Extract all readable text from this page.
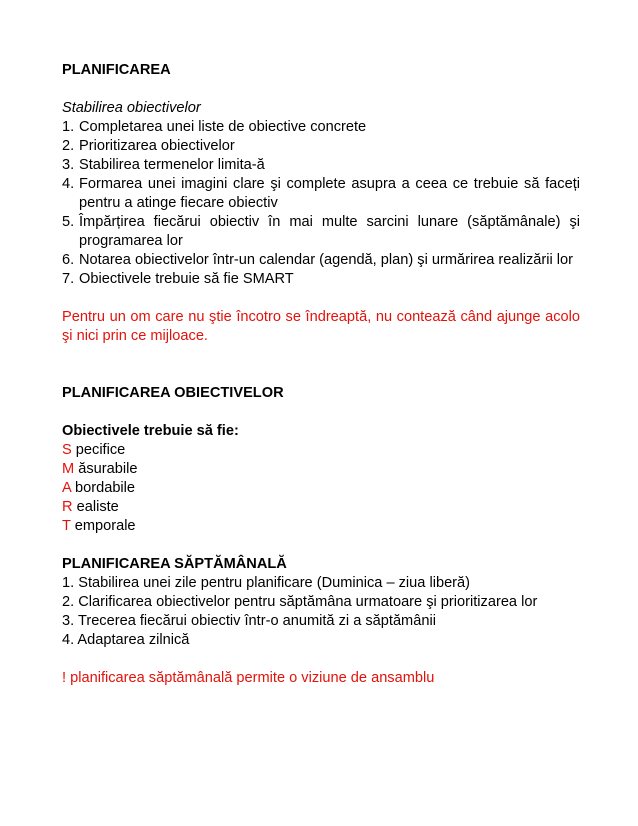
PLANIFICAREA
Stabilirea obiectivelor
1. Completarea unei liste de obiective concrete
2. Prioritizarea obiectivelor
3. Stabilirea termenelor limita-ă
4. Formarea unei imagini clare şi complete asupra a ceea ce trebuie să faceți pentru a atinge fiecare obiectiv
5. Împărțirea fiecărui obiectiv în mai multe sarcini lunare (săptămânale) şi programarea lor
6. Notarea obiectivelor într-un calendar (agendă, plan) şi urmărirea realizării lor
7. Obiectivele trebuie să fie SMART
Pentru un om care nu ştie încotro se îndreaptă, nu contează când ajunge acolo şi nici prin ce mijloace.
PLANIFICAREA OBIECTIVELOR
Obiectivele trebuie să fie:
S pecifice
M ăsurabile
A bordabile
R ealiste
T emporale
PLANIFICAREA SĂPTĂMÂNALĂ
1. Stabilirea unei zile pentru planificare (Duminica – ziua liberă)
2. Clarificarea obiectivelor pentru săptămâna urmatoare şi prioritizarea lor
3. Trecerea fiecărui obiectiv într-o anumită zi a săptămânii
4. Adaptarea zilnică
! planificarea săptămânală permite o viziune de ansamblu
